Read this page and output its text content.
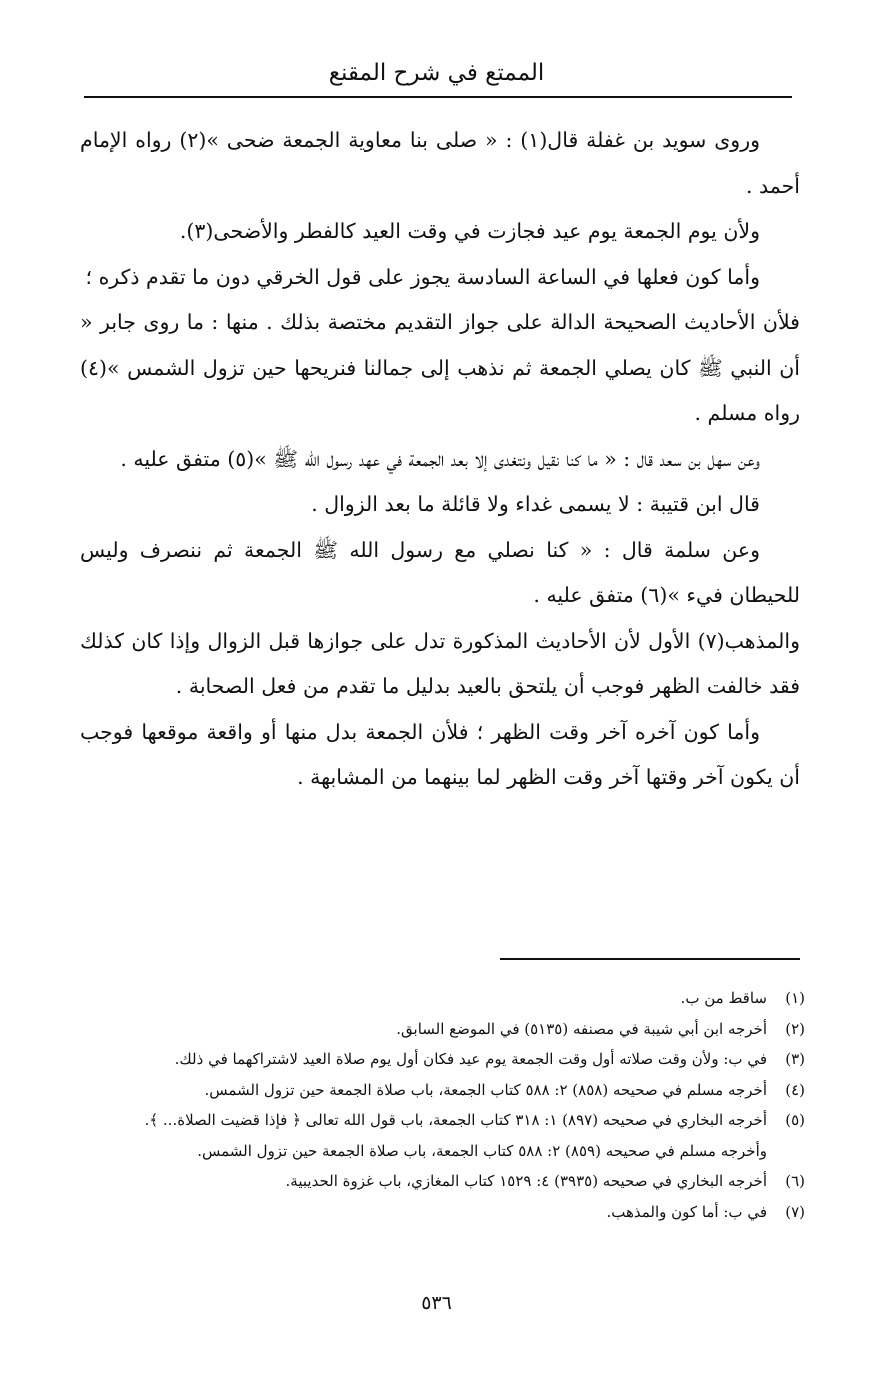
الممتع في شرح المقنع

وروى سويد بن غفلة قال(١) : « صلى بنا معاوية الجمعة ضحى »(٢) رواه الإمام أحمد .

ولأن يوم الجمعة يوم عيد فجازت في وقت العيد كالفطر والأضحى(٣).

وأما كون فعلها في الساعة السادسة يجوز على قول الخرقي دون ما تقدم ذكره ؛

فلأن الأحاديث الصحيحة الدالة على جواز التقديم مختصة بذلك . منها : ما روى جابر « أن النبي ﷺ كان يصلي الجمعة ثم نذهب إلى جمالنا فنريحها حين تزول الشمس »(٤) رواه مسلم .

وعن سهل بن سعد قال : « ما كنا نقيل ونتغدى إلا بعد الجمعة في عهد رسول الله ﷺ »(٥) متفق عليه .

قال ابن قتيبة : لا يسمى غداء ولا قائلة ما بعد الزوال .

وعن سلمة قال : « كنا نصلي مع رسول الله ﷺ الجمعة ثم ننصرف وليس للحيطان فيء »(٦) متفق عليه .

والمذهب(٧) الأول لأن الأحاديث المذكورة تدل على جوازها قبل الزوال وإذا كان كذلك فقد خالفت الظهر فوجب أن يلتحق بالعيد بدليل ما تقدم من فعل الصحابة .

وأما كون آخره آخر وقت الظهر ؛ فلأن الجمعة بدل منها أو واقعة موقعها فوجب أن يكون آخر وقتها آخر وقت الظهر لما بينهما من المشابهة .

(١)
ساقط من ب.
(٢)
أخرجه ابن أبي شيبة في مصنفه (٥١٣٥) في الموضع السابق.
(٣)
في ب: ولأن وقت صلاته أول وقت الجمعة يوم عيد فكان أول يوم صلاة العيد لاشتراكهما في ذلك.
(٤)
أخرجه مسلم في صحيحه (٨٥٨) ٢: ٥٨٨ كتاب الجمعة، باب صلاة الجمعة حين تزول الشمس.
(٥)
أخرجه البخاري في صحيحه (٨٩٧) ١: ٣١٨ كتاب الجمعة، باب قول الله تعالى ﴿ فإذا قضيت الصلاة... ﴾.

وأخرجه مسلم في صحيحه (٨٥٩) ٢: ٥٨٨ كتاب الجمعة، باب صلاة الجمعة حين تزول الشمس.

(٦)
أخرجه البخاري في صحيحه (٣٩٣٥) ٤: ١٥٢٩ كتاب المغازي، باب غزوة الحديبية.
(٧)
في ب: أما كون والمذهب.
٥٣٦
